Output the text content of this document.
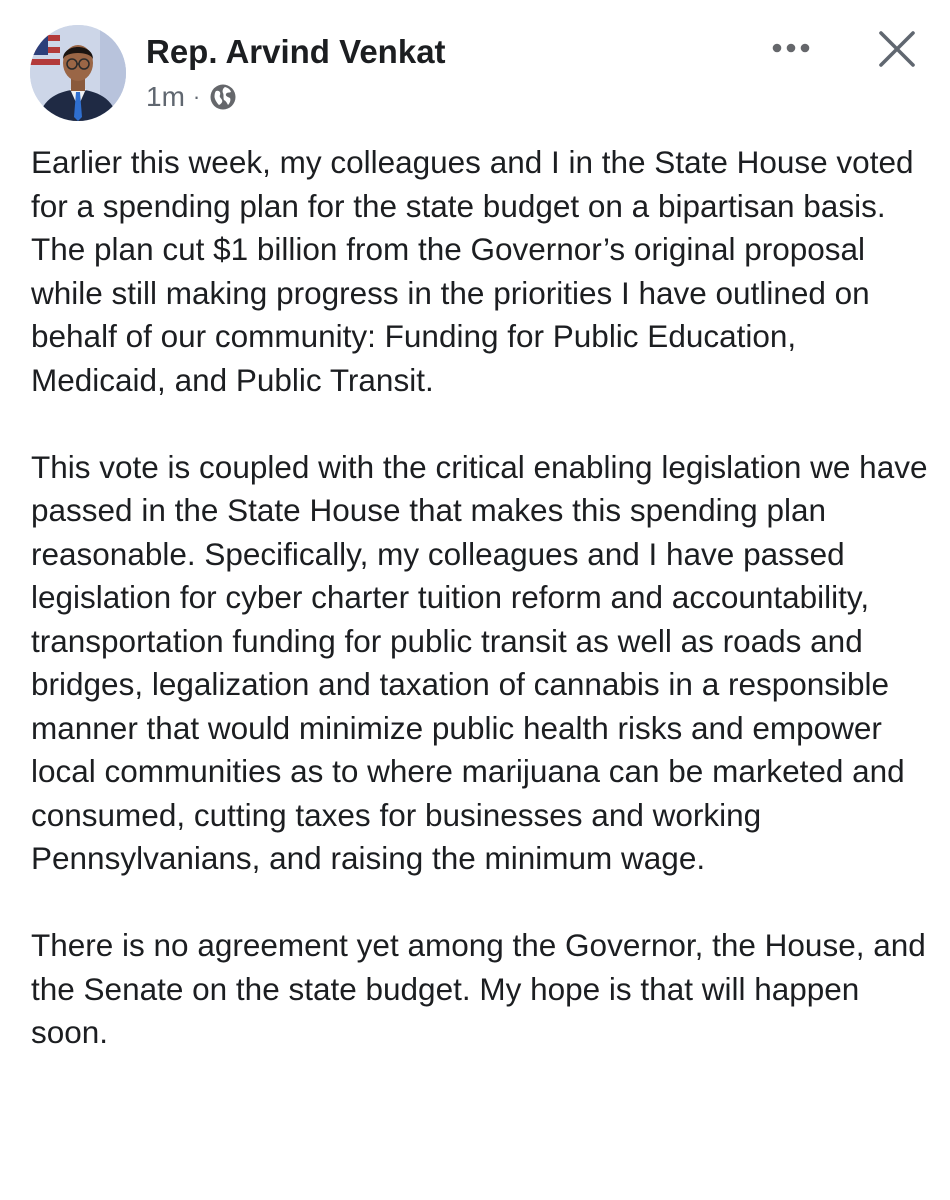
Rep. Arvind Venkat
1m ·

Earlier this week, my colleagues and I in the State House voted for a spending plan for the state budget on a bipartisan basis. The plan cut $1 billion from the Governor’s original proposal while still making progress in the priorities I have outlined on behalf of our community: Funding for Public Education, Medicaid, and Public Transit.

This vote is coupled with the critical enabling legislation we have passed in the State House that makes this spending plan reasonable. Specifically, my colleagues and I have passed legislation for cyber charter tuition reform and accountability, transportation funding for public transit as well as roads and bridges, legalization and taxation of cannabis in a responsible manner that would minimize public health risks and empower local communities as to where marijuana can be marketed and consumed, cutting taxes for businesses and working Pennsylvanians, and raising the minimum wage.

There is no agreement yet among the Governor, the House, and the Senate on the state budget. My hope is that will happen soon.
